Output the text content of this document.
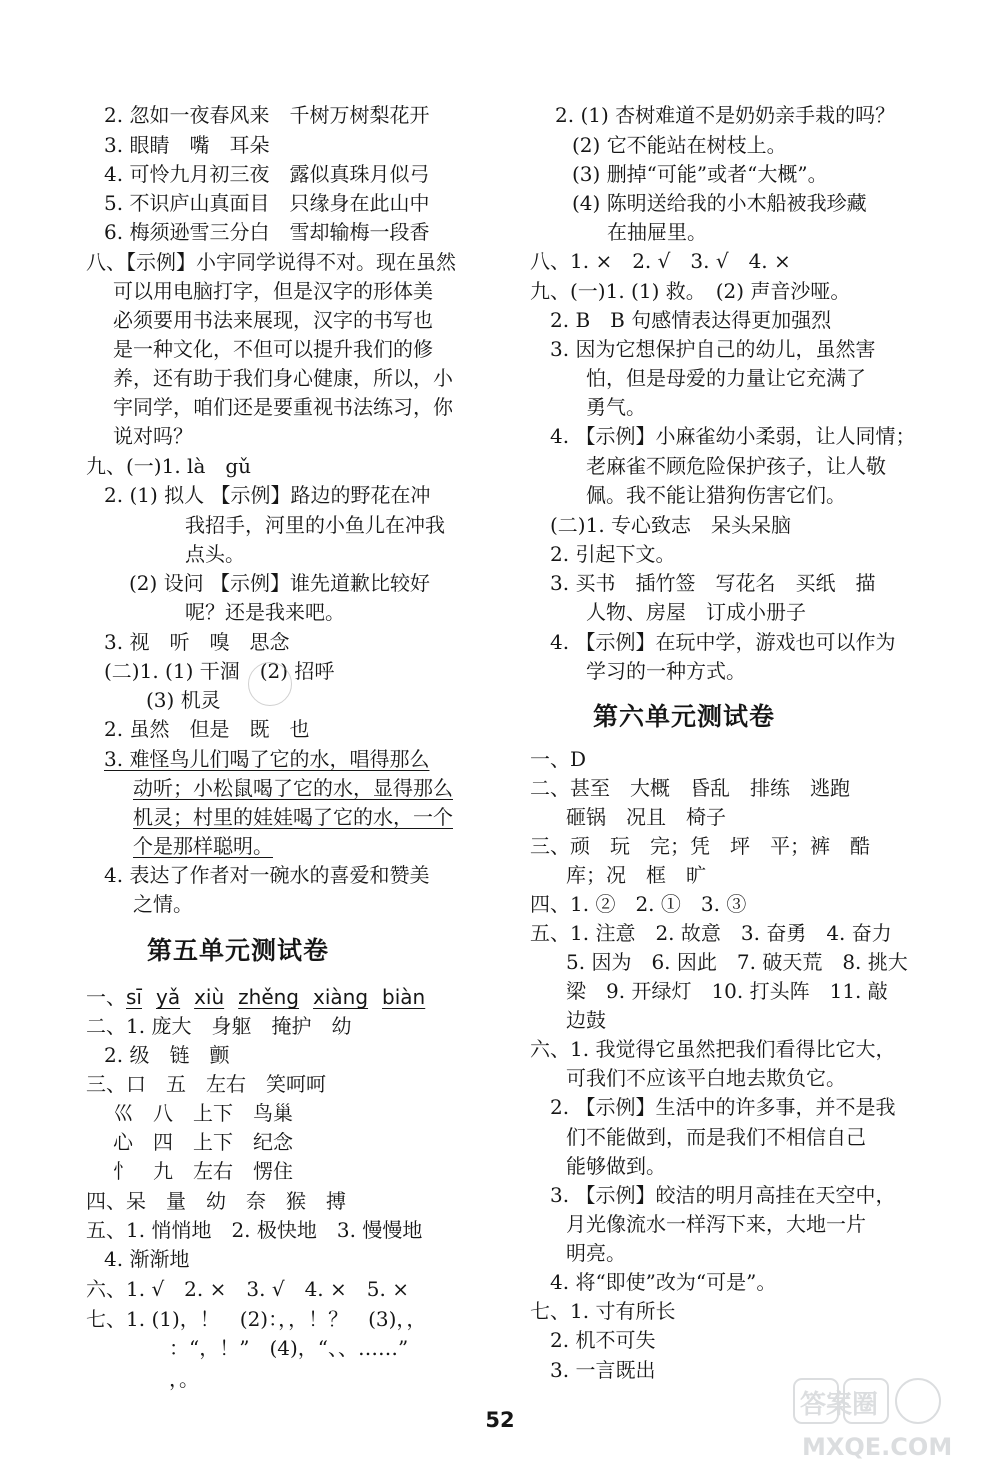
2. 忽如一夜春风来　千树万树梨花开
3. 眼睛　嘴　耳朵
4. 可怜九月初三夜　露似真珠月似弓
5. 不识庐山真面目　只缘身在此山中
6. 梅须逊雪三分白　雪却输梅一段香
八、【示例】小宇同学说得不对。现在虽然
可以用电脑打字，但是汉字的形体美
必须要用书法来展现，汉字的书写也
是一种文化，不但可以提升我们的修
养，还有助于我们身心健康，所以，小
宇同学，咱们还是要重视书法练习，你
说对吗？
九、(一)1. là　gǔ
2. (1) 拟人 【示例】路边的野花在冲
我招手，河里的小鱼儿在冲我
点头。
(2) 设问 【示例】谁先道歉比较好
呢？还是我来吧。
3. 视　听　嗅　思念
(二)1. (1) 干涸　(2) 招呼
(3) 机灵
2. 虽然　但是　既　也
3. 难怪鸟儿们喝了它的水，唱得那么
动听；小松鼠喝了它的水，显得那么
机灵；村里的娃娃喝了它的水，一个
个是那样聪明。
4. 表达了作者对一碗水的喜爱和赞美
之情。
第五单元测试卷
一、sī yǎ xiù zhěng xiàng biàn
二、1. 庞大　身躯　掩护　幼
2. 级　链　颤
三、口　五　左右　笑呵呵
巛　八　上下　鸟巢
心　四　上下　纪念
忄　九　左右　愣住
四、呆　量　幼　奈　猴　搏
五、1. 悄悄地　2. 极快地　3. 慢慢地
4. 渐渐地
六、1. √　2. ×　3. √　4. ×　5. ×
七、1. (1)，！　(2)：，，！？　(3)，，
：“，！”　(4)，“、、……”
，。
2. (1) 杏树难道不是奶奶亲手栽的吗？
(2) 它不能站在树枝上。
(3) 删掉“可能”或者“大概”。
(4) 陈明送给我的小木船被我珍藏
在抽屉里。
八、1. ×　2. √　3. √　4. ×
九、(一)1. (1) 救。　(2) 声音沙哑。
2. B　B 句感情表达得更加强烈
3. 因为它想保护自己的幼儿，虽然害
怕，但是母爱的力量让它充满了
勇气。
4. 【示例】小麻雀幼小柔弱，让人同情；
老麻雀不顾危险保护孩子，让人敬
佩。我不能让猎狗伤害它们。
(二)1. 专心致志　呆头呆脑
2. 引起下文。
3. 买书　插竹签　写花名　买纸　描
人物、房屋　订成小册子
4. 【示例】在玩中学，游戏也可以作为
学习的一种方式。
第六单元测试卷
一、D
二、甚至　大概　昏乱　排练　逃跑
砸锅　况且　椅子
三、顽　玩　完；凭　坪　平；裤　酷
库；况　框　旷
四、1. ②　2. ①　3. ③
五、1. 注意　2. 故意　3. 奋勇　4. 奋力
5. 因为　6. 因此　7. 破天荒　8. 挑大
梁　9. 开绿灯　10. 打头阵　11. 敲
边鼓
六、1. 我觉得它虽然把我们看得比它大，
可我们不应该平白地去欺负它。
2. 【示例】生活中的许多事，并不是我
们不能做到，而是我们不相信自己
能够做到。
3. 【示例】皎洁的明月高挂在天空中，
月光像流水一样泻下来，大地一片
明亮。
4. 将“即使”改为“可是”。
七、1. 寸有所长
2. 机不可失
3. 一言既出
52	答案圈
MXQE.COM
